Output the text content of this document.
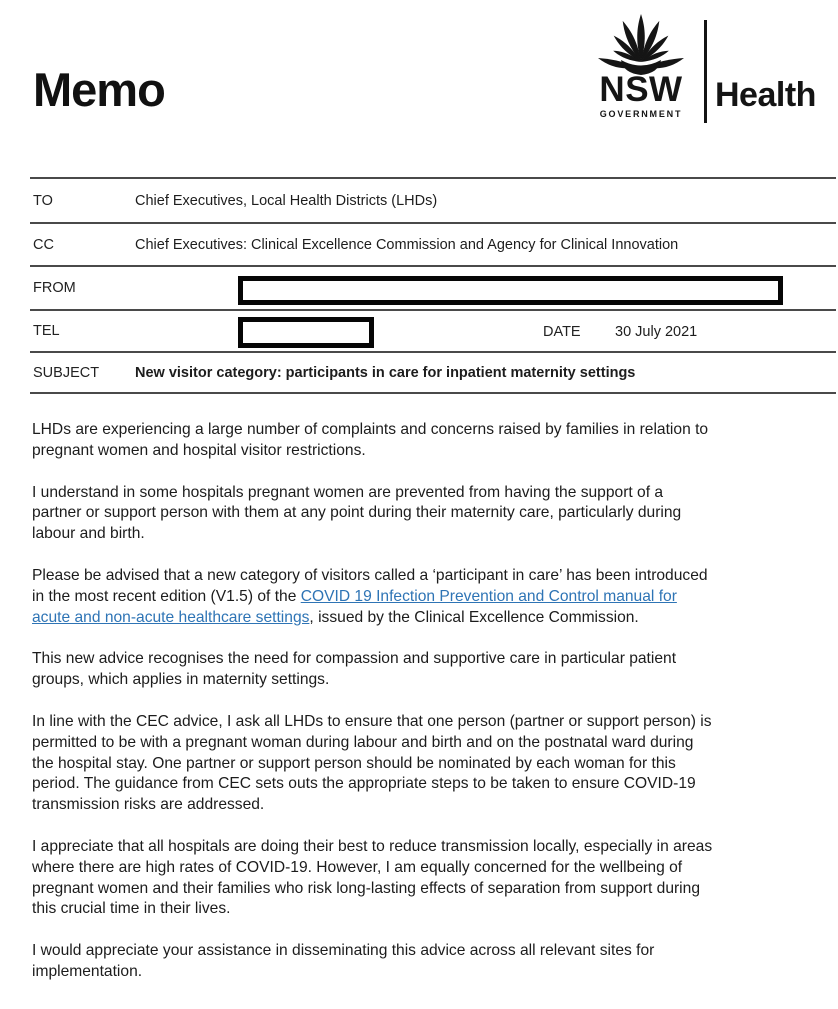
Memo	NSW
GOVERNMENT Health
TO	Chief Executives, Local Health Districts (LHDs)
CC	Chief Executives: Clinical Excellence Commission and Agency for Clinical Innovation
FROM
TEL	DATE 30 July 2021
SUBJECT	New visitor category: participants in care for inpatient maternity settings

LHDs are experiencing a large number of complaints and concerns raised by families in relation to
pregnant women and hospital visitor restrictions.

I understand in some hospitals pregnant women are prevented from having the support of a
partner or support person with them at any point during their maternity care, particularly during
labour and birth.

Please be advised that a new category of visitors called a ‘participant in care’ has been introduced
in the most recent edition (V1.5) of the COVID 19 Infection Prevention and Control manual for
acute and non-acute healthcare settings, issued by the Clinical Excellence Commission.

This new advice recognises the need for compassion and supportive care in particular patient
groups, which applies in maternity settings.

In line with the CEC advice, I ask all LHDs to ensure that one person (partner or support person) is
permitted to be with a pregnant woman during labour and birth and on the postnatal ward during
the hospital stay. One partner or support person should be nominated by each woman for this
period. The guidance from CEC sets outs the appropriate steps to be taken to ensure COVID-19
transmission risks are addressed.

I appreciate that all hospitals are doing their best to reduce transmission locally, especially in areas
where there are high rates of COVID-19. However, I am equally concerned for the wellbeing of
pregnant women and their families who risk long-lasting effects of separation from support during
this crucial time in their lives.

I would appreciate your assistance in disseminating this advice across all relevant sites for
implementation.
